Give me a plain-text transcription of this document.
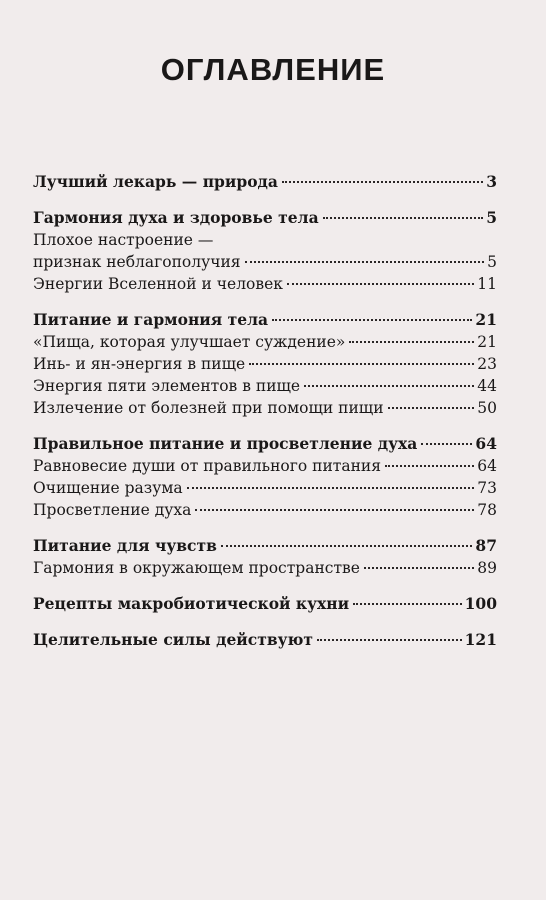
ОГЛАВЛЕНИЕ
Лучший лекарь — природа	3
Гармония духа и здоровье тела	5
Плохое настроение —
признак неблагополучия	5
Энергии Вселенной и человек	11
Питание и гармония тела	21
«Пища, которая улучшает суждение»	21
Инь- и ян-энергия в пище	23
Энергия пяти элементов в пище	44
Излечение от болезней при помощи пищи	50
Правильное питание и просветление духа	64
Равновесие души от правильного питания	64
Очищение разума	73
Просветление духа	78
Питание для чувств	87
Гармония в окружающем пространстве	89
Рецепты макробиотической кухни	100
Целительные силы действуют	121
